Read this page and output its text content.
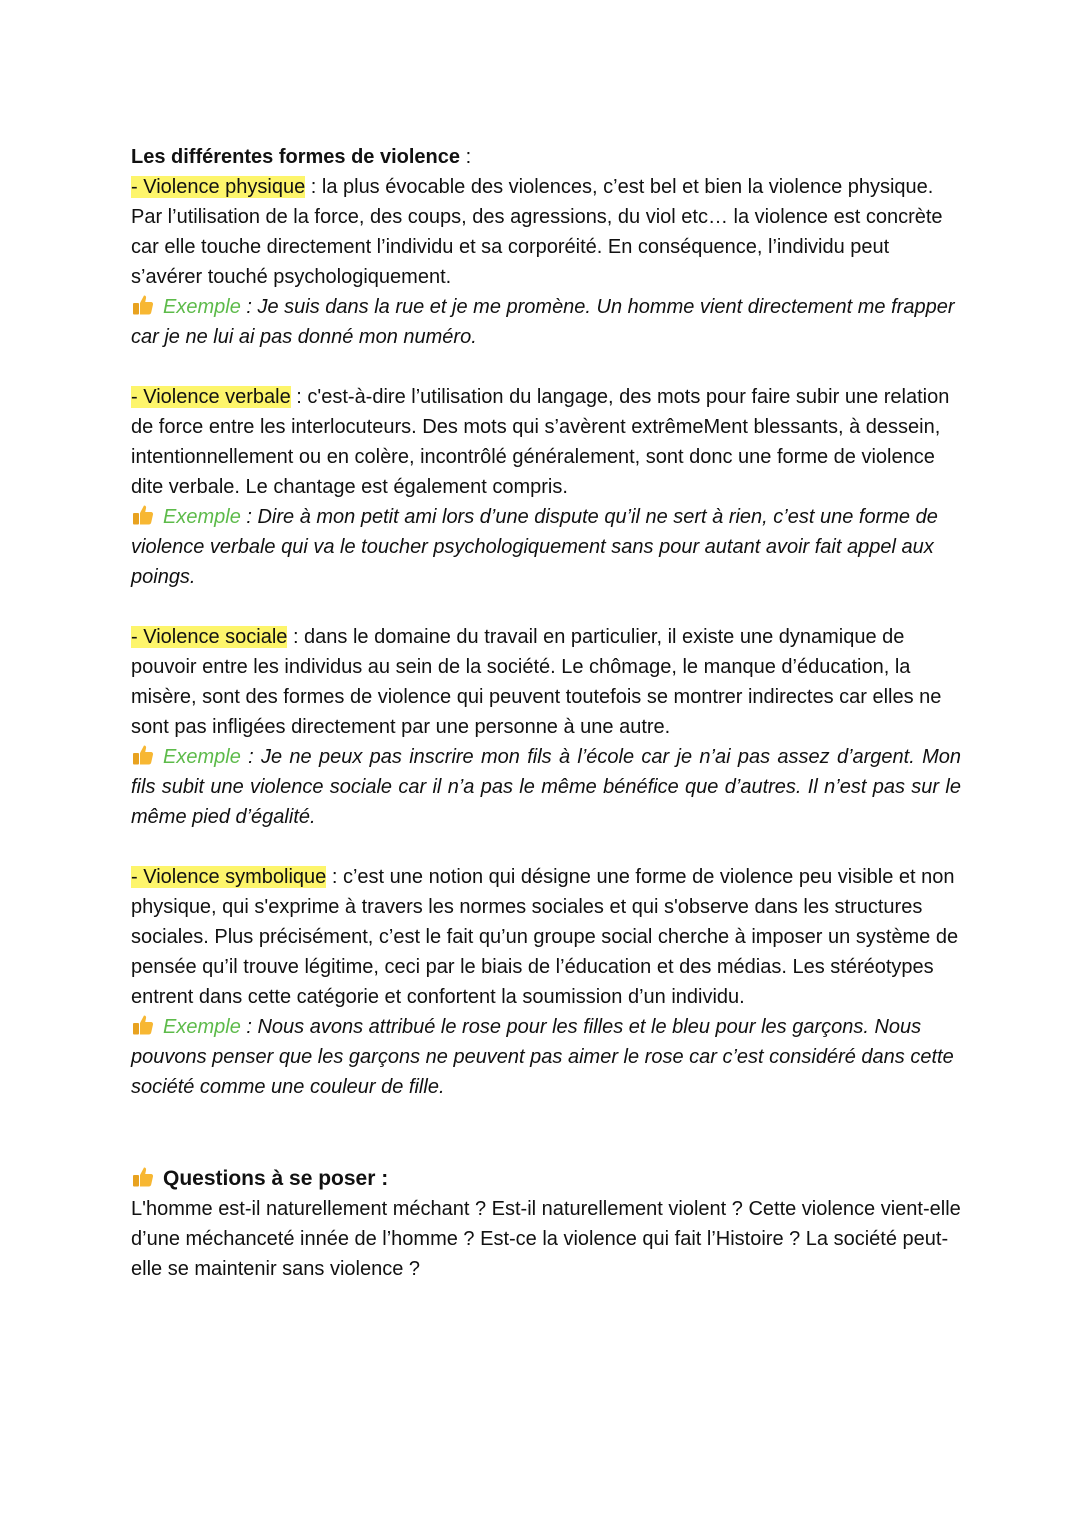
Les différentes formes de violence :
- Violence physique : la plus évocable des violences, c’est bel et bien la violence physique. Par l’utilisation de la force, des coups, des agressions, du viol etc… la violence est concrète car elle touche directement l’individu et sa corporéité. En conséquence, l’individu peut s’avérer touché psychologiquement.
Exemple : Je suis dans la rue et je me promène. Un homme vient directement me frapper car je ne lui ai pas donné mon numéro.
- Violence verbale : c'est-à-dire l’utilisation du langage, des mots pour faire subir une relation de force entre les interlocuteurs. Des mots qui s’avèrent extrêmeMent blessants, à dessein, intentionnellement ou en colère, incontrôlé généralement, sont donc une forme de violence dite verbale. Le chantage est également compris.
Exemple : Dire à mon petit ami lors d’une dispute qu’il ne sert à rien, c’est une forme de violence verbale qui va le toucher psychologiquement sans pour autant avoir fait appel aux poings.
- Violence sociale : dans le domaine du travail en particulier, il existe une dynamique de pouvoir entre les individus au sein de la société. Le chômage, le manque d’éducation, la misère, sont des formes de violence qui peuvent toutefois se montrer indirectes car elles ne sont pas infligées directement par une personne à une autre.
Exemple : Je ne peux pas inscrire mon fils à l’école car je n’ai pas assez d’argent. Mon fils subit une violence sociale car il n’a pas le même bénéfice que d’autres. Il n’est pas sur le même pied d’égalité.
- Violence symbolique : c’est une notion qui désigne une forme de violence peu visible et non physique, qui s'exprime à travers les normes sociales et qui s'observe dans les structures sociales. Plus précisément, c’est le fait qu’un groupe social cherche à imposer un système de pensée qu’il trouve légitime, ceci par le biais de l’éducation et des médias. Les stéréotypes entrent dans cette catégorie et confortent la soumission d’un individu.
Exemple : Nous avons attribué le rose pour les filles et le bleu pour les garçons. Nous pouvons penser que les garçons ne peuvent pas aimer le rose car c’est considéré dans cette société comme une couleur de fille.
Questions à se poser :
L'homme est-il naturellement méchant ? Est-il naturellement violent ? Cette violence vient-elle d’une méchanceté innée de l’homme ? Est-ce la violence qui fait l’Histoire ? La société peut-elle se maintenir sans violence ?
